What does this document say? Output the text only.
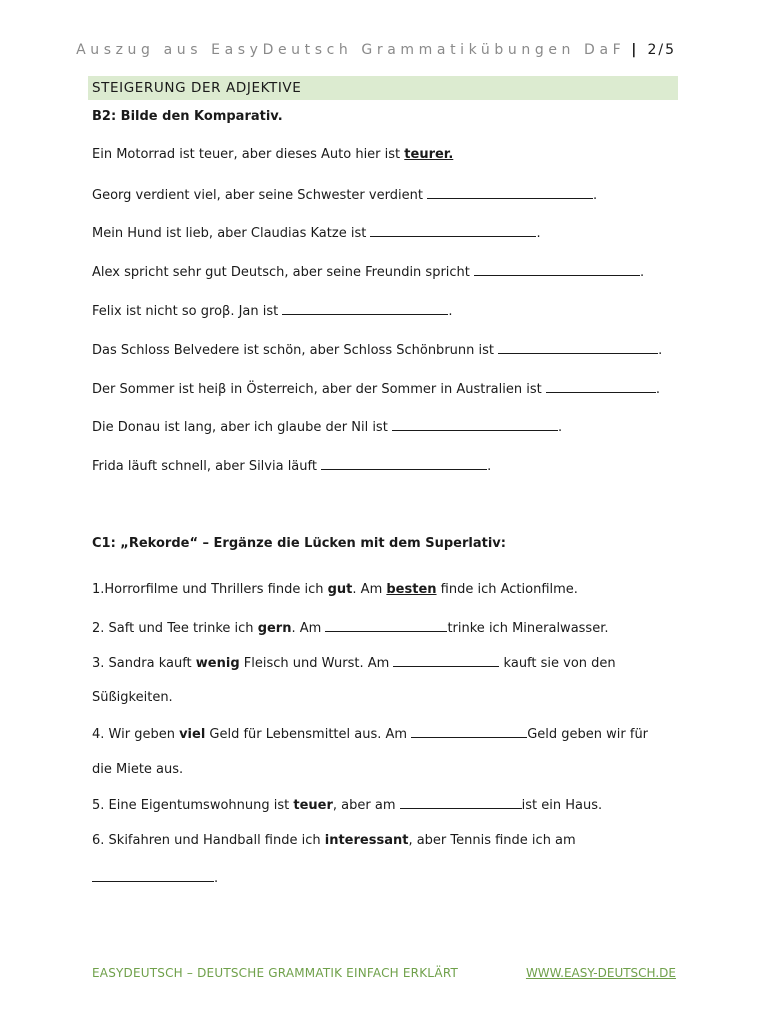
Auszug aus EasyDeutsch Grammatikübungen DaF | 2/5
STEIGERUNG DER ADJEKTIVE
B2: Bilde den Komparativ.
Ein Motorrad ist teuer, aber dieses Auto hier ist teurer.
Georg verdient viel, aber seine Schwester verdient	.
Mein Hund ist lieb, aber Claudias Katze ist	.
Alex spricht sehr gut Deutsch, aber seine Freundin spricht	.
Felix ist nicht so groβ. Jan ist	.
Das Schloss Belvedere ist schön, aber Schloss Schönbrunn ist	.
Der Sommer ist heiβ in Österreich, aber der Sommer in Australien ist	.
Die Donau ist lang, aber ich glaube der Nil ist	.
Frida läuft schnell, aber Silvia läuft	.
C1: „Rekorde“ – Ergänze die Lücken mit dem Superlativ:
1.Horrorfilme und Thrillers finde ich gut. Am besten finde ich Actionfilme.
2. Saft und Tee trinke ich gern. Am	trinke ich Mineralwasser.
3. Sandra kauft wenig Fleisch und Wurst. Am	kauft sie von den
Süßigkeiten.
4. Wir geben viel Geld für Lebensmittel aus. Am	Geld geben wir für
die Miete aus.
5. Eine Eigentumswohnung ist teuer, aber am	ist ein Haus.
6. Skifahren und Handball finde ich interessant, aber Tennis finde ich am
.
EASYDEUTSCH – DEUTSCHE GRAMMATIK EINFACH ERKLÄRT	WWW.EASY-DEUTSCH.DE
